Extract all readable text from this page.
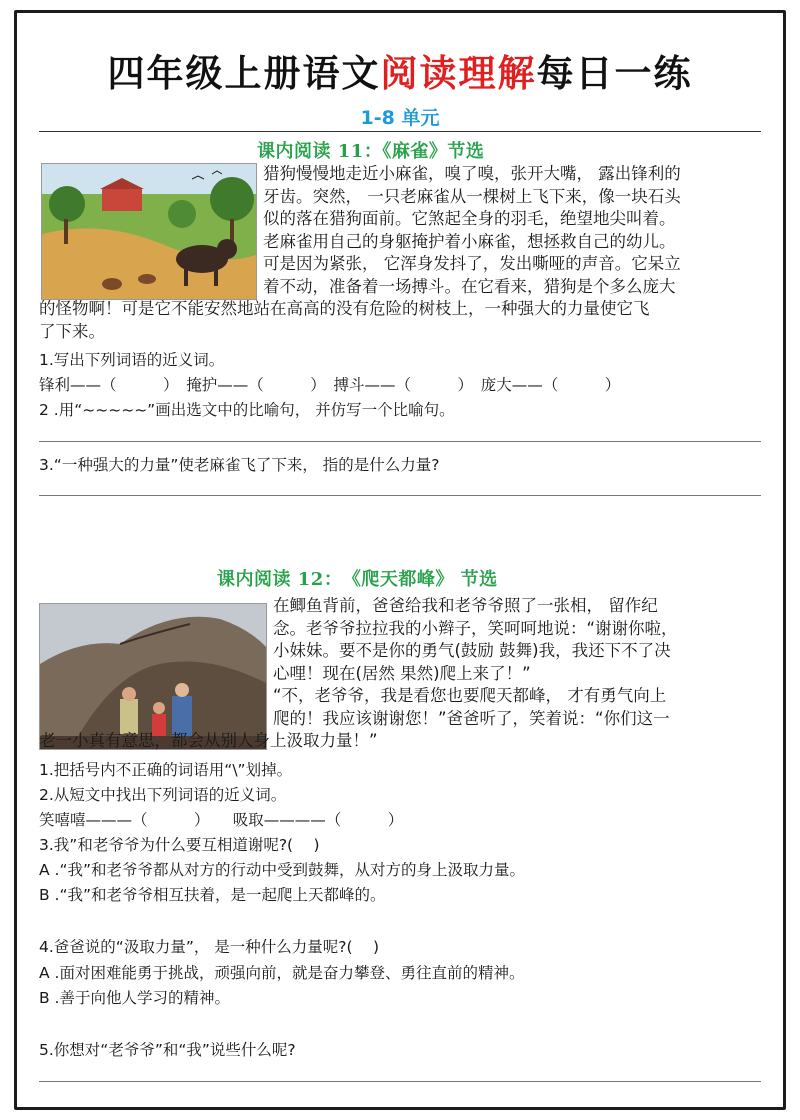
四年级上册语文阅读理解每日一练
1-8 单元
课内阅读 11：《麻雀》节选
猎狗慢慢地走近小麻雀，嗅了嗅，张开大嘴， 露出锋利的
牙齿。突然， 一只老麻雀从一棵树上飞下来，像一块石头
似的落在猎狗面前。它煞起全身的羽毛，绝望地尖叫着。
老麻雀用自己的身躯掩护着小麻雀，想拯救自己的幼儿。
可是因为紧张， 它浑身发抖了，发出嘶哑的声音。它呆立
着不动，准备着一场搏斗。在它看来，猎狗是个多么庞大
的怪物啊！可是它不能安然地站在高高的没有危险的树枝上，一种强大的力量使它飞
了下来。
1.写出下列词语的近义词。
锋利——（　　　）　掩护——（　　　）　搏斗——（　　　）　庞大——（　　　）
2 .用“~~~~~”画出选文中的比喻句， 并仿写一个比喻句。
3.“一种强大的力量”使老麻雀飞了下来， 指的是什么力量?
课内阅读 12：　《爬天都峰》 节选
在鲫鱼背前，爸爸给我和老爷爷照了一张相， 留作纪
念。老爷爷拉拉我的小辫子，笑呵呵地说：“谢谢你啦，
小妹妹。要不是你的勇气(鼓励 鼓舞)我，我还下不了决
心哩！现在(居然 果然)爬上来了！”
“不，老爷爷，我是看您也要爬天都峰， 才有勇气向上
爬的！我应该谢谢您！”爸爸听了，笑着说：“你们这一
老一小真有意思，都会从别人身上汲取力量！”
1.把括号内不正确的词语用“\”划掉。
2.从短文中找出下列词语的近义词。
笑嘻嘻———（　　　）　　吸取————（　　　）
3.我”和老爷爷为什么要互相道谢呢?(　 )
A .“我”和老爷爷都从对方的行动中受到鼓舞，从对方的身上汲取力量。
B .“我”和老爷爷相互扶着，是一起爬上天都峰的。
4.爸爸说的“汲取力量”， 是一种什么力量呢?(　 )
A .面对困难能勇于挑战，顽强向前，就是奋力攀登、勇往直前的精神。
B .善于向他人学习的精神。
5.你想对“老爷爷”和“我”说些什么呢?
